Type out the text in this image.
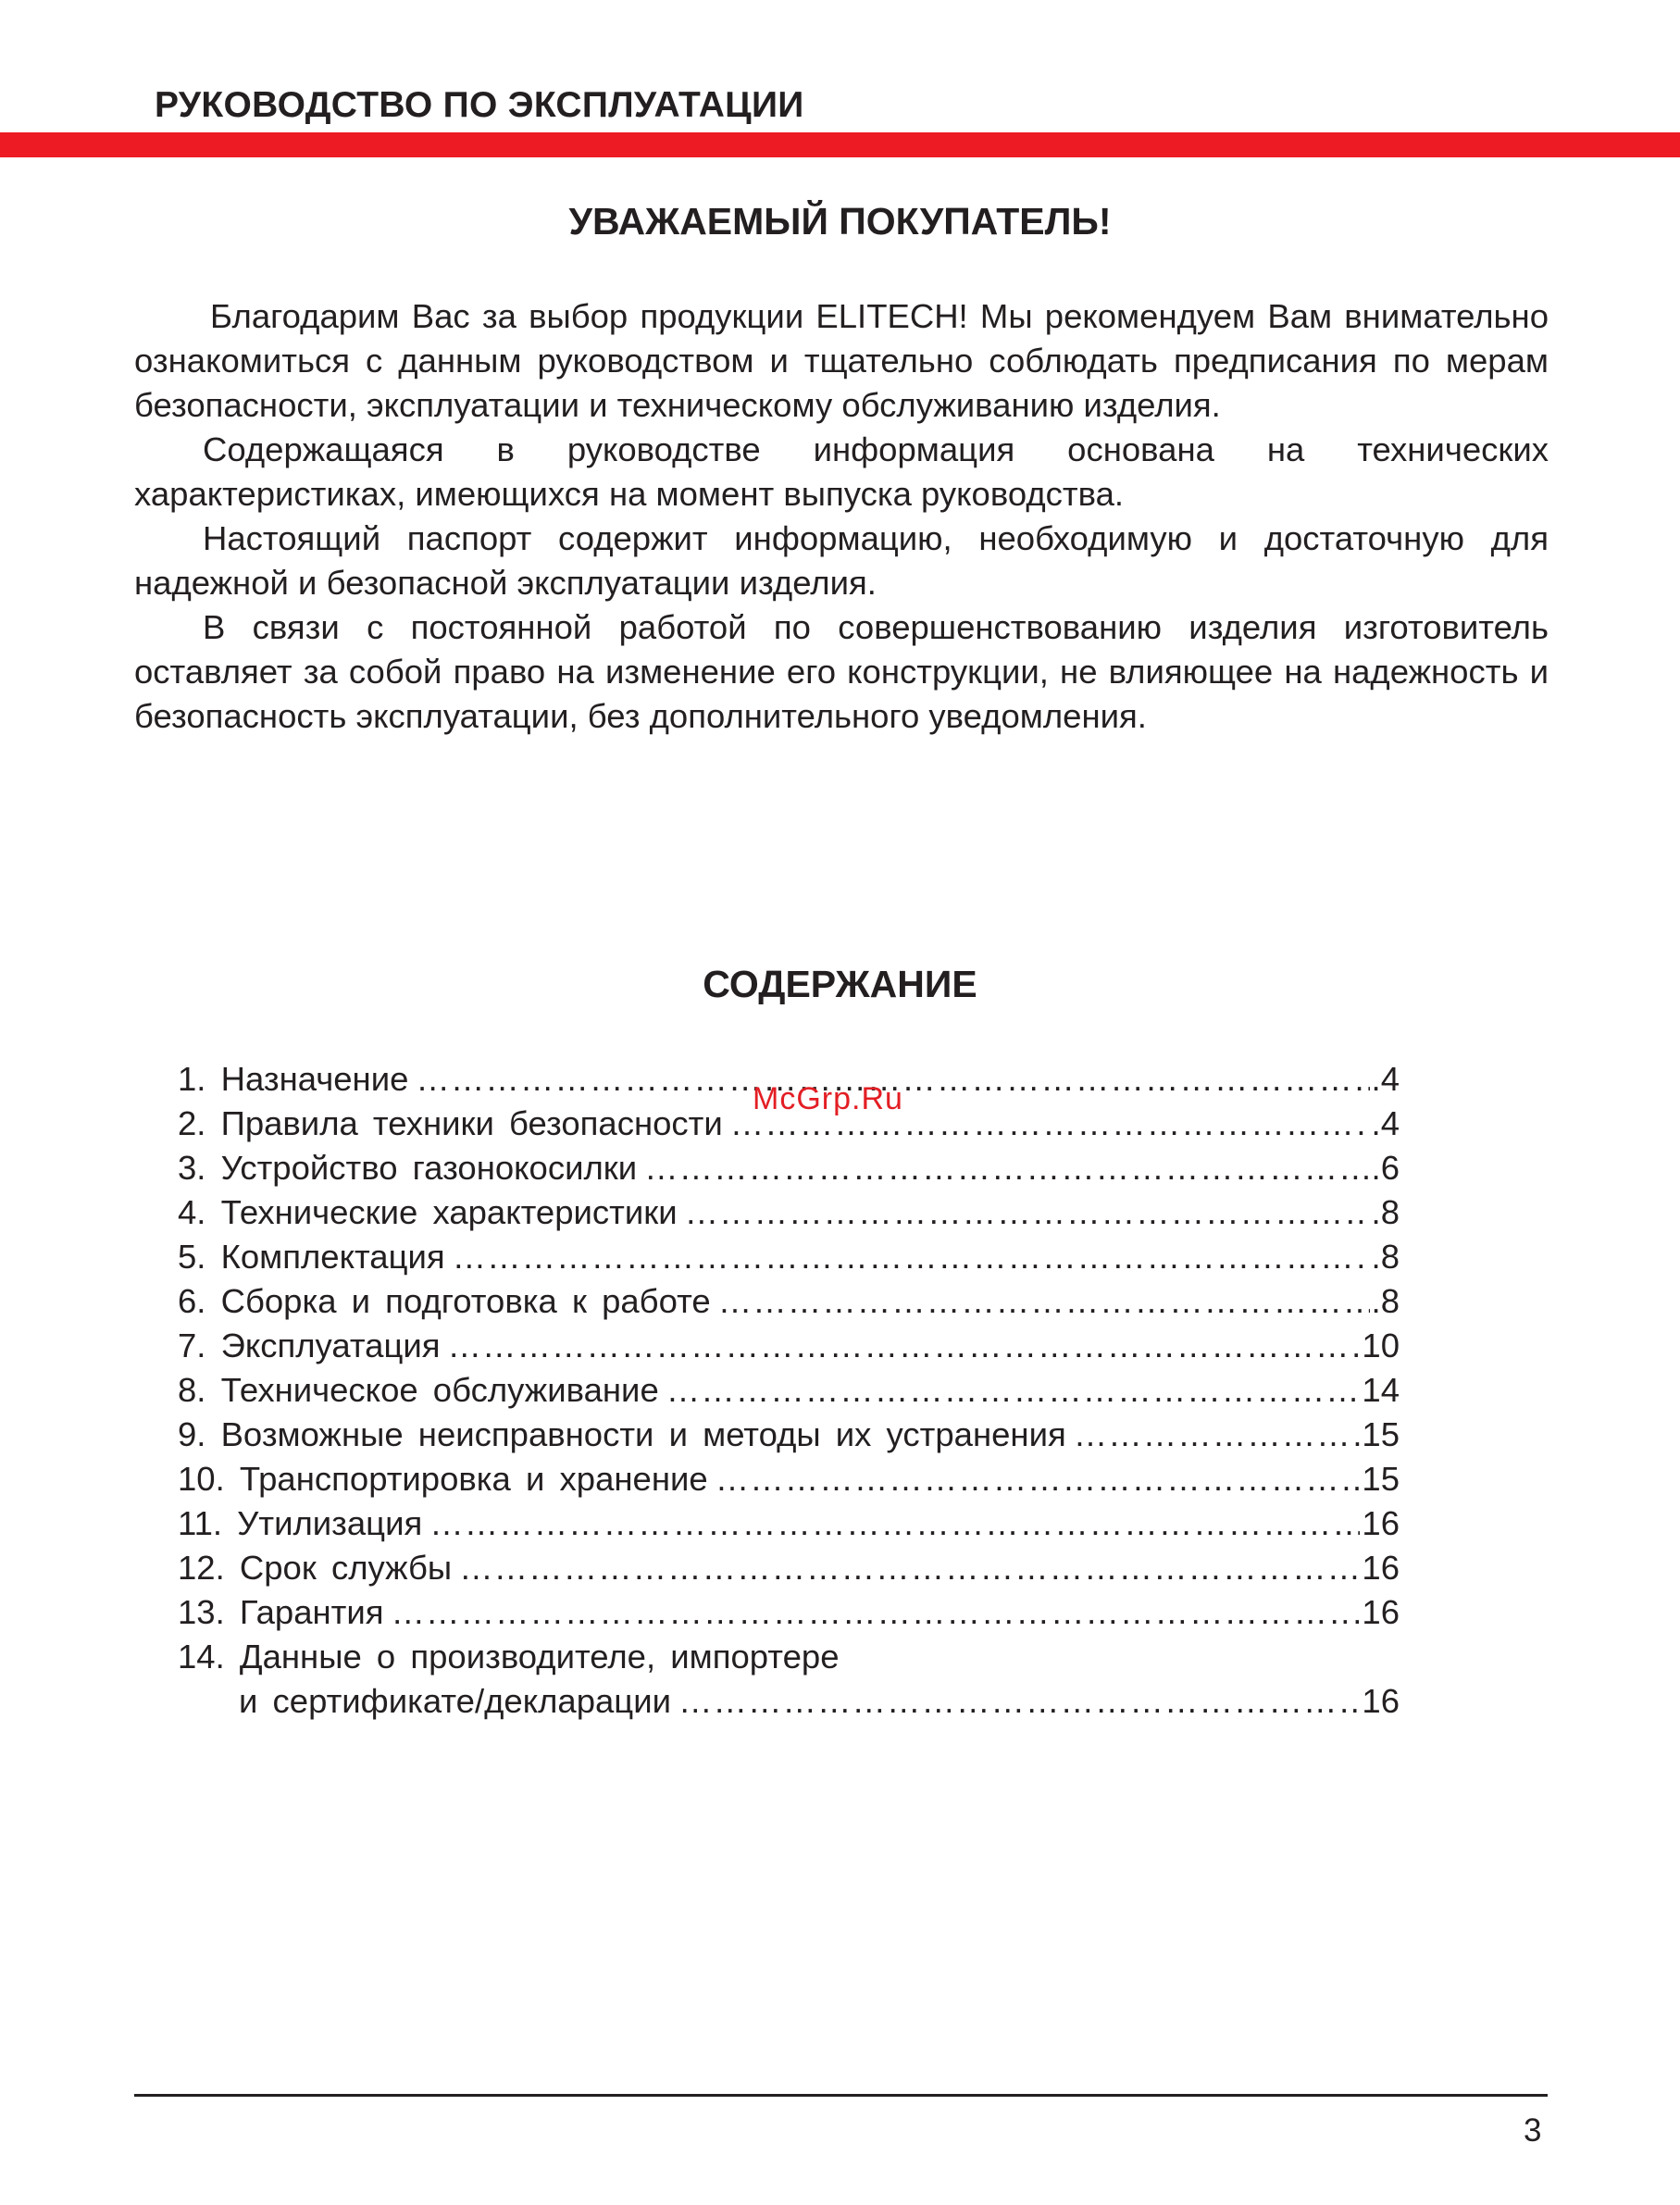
РУКОВОДСТВО ПО ЭКСПЛУАТАЦИИ
УВАЖАЕМЫЙ ПОКУПАТЕЛЬ!

Благодарим Вас за выбор продукции ELITECH! Мы рекомендуем Вам внимательно ознакомиться с данным руководством и тщательно соблюдать предписания по мерам безопасности, эксплуатации и техническому обслуживанию изделия.

Содержащаяся в руководстве информация основана на технических характеристиках, имеющихся на момент выпуска руководства.

Настоящий паспорт содержит информацию, необходимую и достаточную для надежной и безопасной эксплуатации изделия.

В связи с постоянной работой по совершенствованию изделия изготовитель оставляет за собой право на изменение его конструкции, не влияющее на надежность и безопасность эксплуатации, без дополнительного уведомления.

СОДЕРЖАНИЕ
1. Назначение …………………………………………………………………………………………………………………………………………………………………………………………	.4
2. Правила техники безопасности …………………………………………………………………………………………………………………………………………………………………………………………	.4
3. Устройство газонокосилки …………………………………………………………………………………………………………………………………………………………………………………………	.6
4. Технические характеристики …………………………………………………………………………………………………………………………………………………………………………………………	.8
5. Комплектация …………………………………………………………………………………………………………………………………………………………………………………………	.8
6. Сборка и подготовка к работе …………………………………………………………………………………………………………………………………………………………………………………………	.8
7. Эксплуатация …………………………………………………………………………………………………………………………………………………………………………………………	10
8. Техническое обслуживание …………………………………………………………………………………………………………………………………………………………………………………………	14
9. Возможные неисправности и методы их устранения …………………………………………………………………………………………………………………………………………………………………………………………	15
10. Транспортировка и хранение …………………………………………………………………………………………………………………………………………………………………………………………	15
11. Утилизация …………………………………………………………………………………………………………………………………………………………………………………………	16
12. Срок службы …………………………………………………………………………………………………………………………………………………………………………………………	16
13. Гарантия …………………………………………………………………………………………………………………………………………………………………………………………	.16
14. Данные о производителе, импортере
и сертификате/декларации …………………………………………………………………………………………………………………………………………………………………………………………	16
McGrp.Ru
3
